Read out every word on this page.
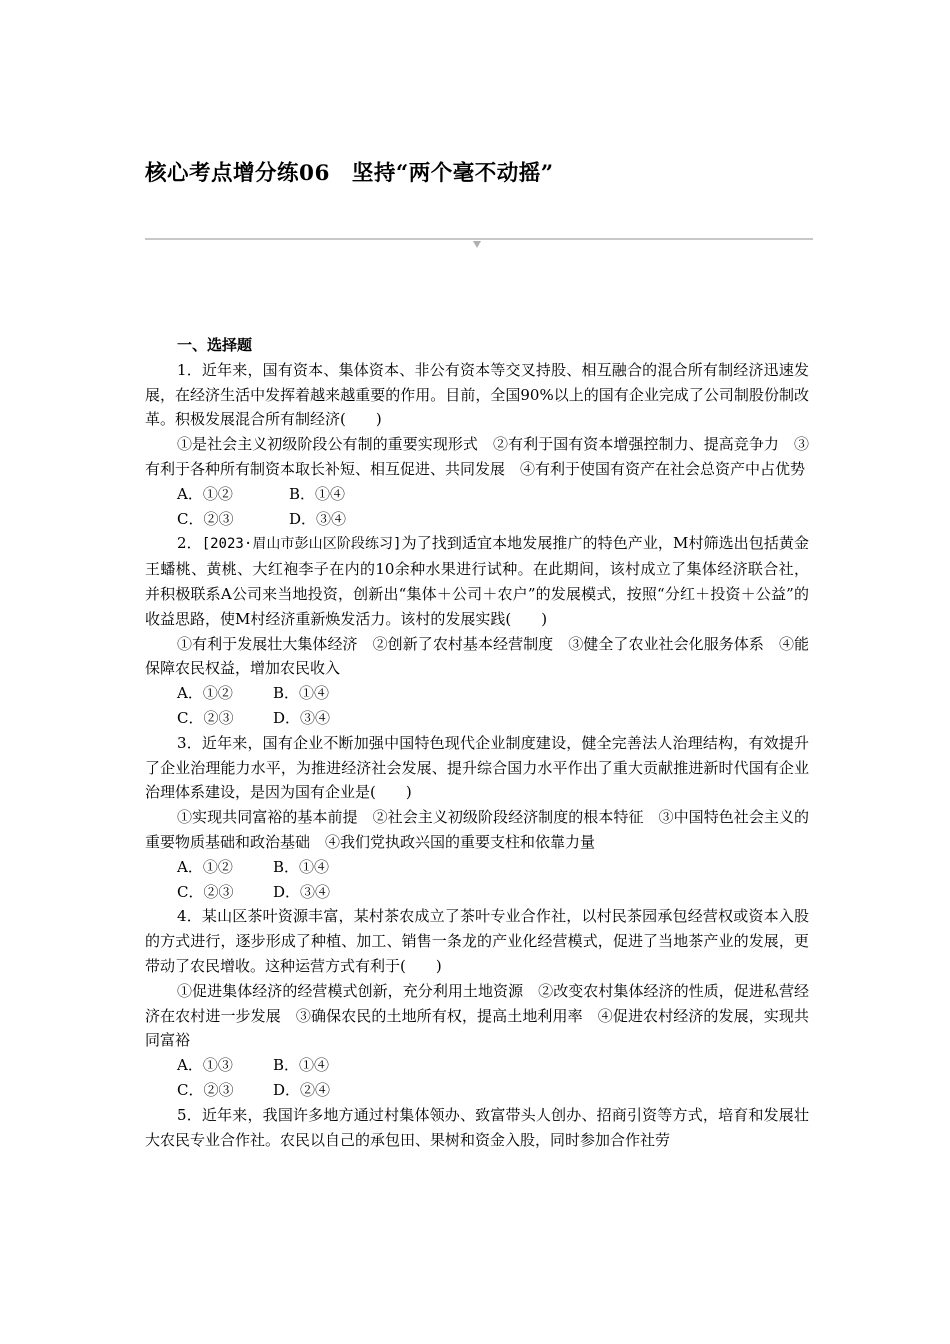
核心考点增分练06　坚持“两个毫不动摇”

一、选择题

1．近年来，国有资本、集体资本、非公有资本等交叉持股、相互融合的混合所有制经济迅速发展，在经济生活中发挥着越来越重要的作用。目前，全国90%以上的国有企业完成了公司制股份制改革。积极发展混合所有制经济(　　)

①是社会主义初级阶段公有制的重要实现形式　②有利于国有资本增强控制力、提高竞争力　③有利于各种所有制资本取长补短、相互促进、共同发展　④有利于使国有资产在社会总资产中占优势

A．①②	B．①④
C．②③	D．③④

2．[2023·眉山市彭山区阶段练习]为了找到适宜本地发展推广的特色产业，M村筛选出包括黄金王蟠桃、黄桃、大红袍李子在内的10余种水果进行试种。在此期间，该村成立了集体经济联合社，并积极联系A公司来当地投资，创新出“集体＋公司＋农户”的发展模式，按照“分红＋投资＋公益”的收益思路，使M村经济重新焕发活力。该村的发展实践(　　)

①有利于发展壮大集体经济　②创新了农村基本经营制度　③健全了农业社会化服务体系　④能保障农民权益，增加农民收入

A．①②	B．①④
C．②③	D．③④

3．近年来，国有企业不断加强中国特色现代企业制度建设，健全完善法人治理结构，有效提升了企业治理能力水平，为推进经济社会发展、提升综合国力水平作出了重大贡献推进新时代国有企业治理体系建设，是因为国有企业是(　　)

①实现共同富裕的基本前提　②社会主义初级阶段经济制度的根本特征　③中国特色社会主义的重要物质基础和政治基础　④我们党执政兴国的重要支柱和依靠力量

A．①②	B．①④
C．②③	D．③④

4．某山区茶叶资源丰富，某村茶农成立了茶叶专业合作社，以村民茶园承包经营权或资本入股的方式进行，逐步形成了种植、加工、销售一条龙的产业化经营模式，促进了当地茶产业的发展，更带动了农民增收。这种运营方式有利于(　　)

①促进集体经济的经营模式创新，充分利用土地资源　②改变农村集体经济的性质，促进私营经济在农村进一步发展　③确保农民的土地所有权，提高土地利用率　④促进农村经济的发展，实现共同富裕

A．①③	B．①④
C．②③	D．②④

5．近年来，我国许多地方通过村集体领办、致富带头人创办、招商引资等方式，培育和发展壮大农民专业合作社。农民以自己的承包田、果树和资金入股，同时参加合作社劳
